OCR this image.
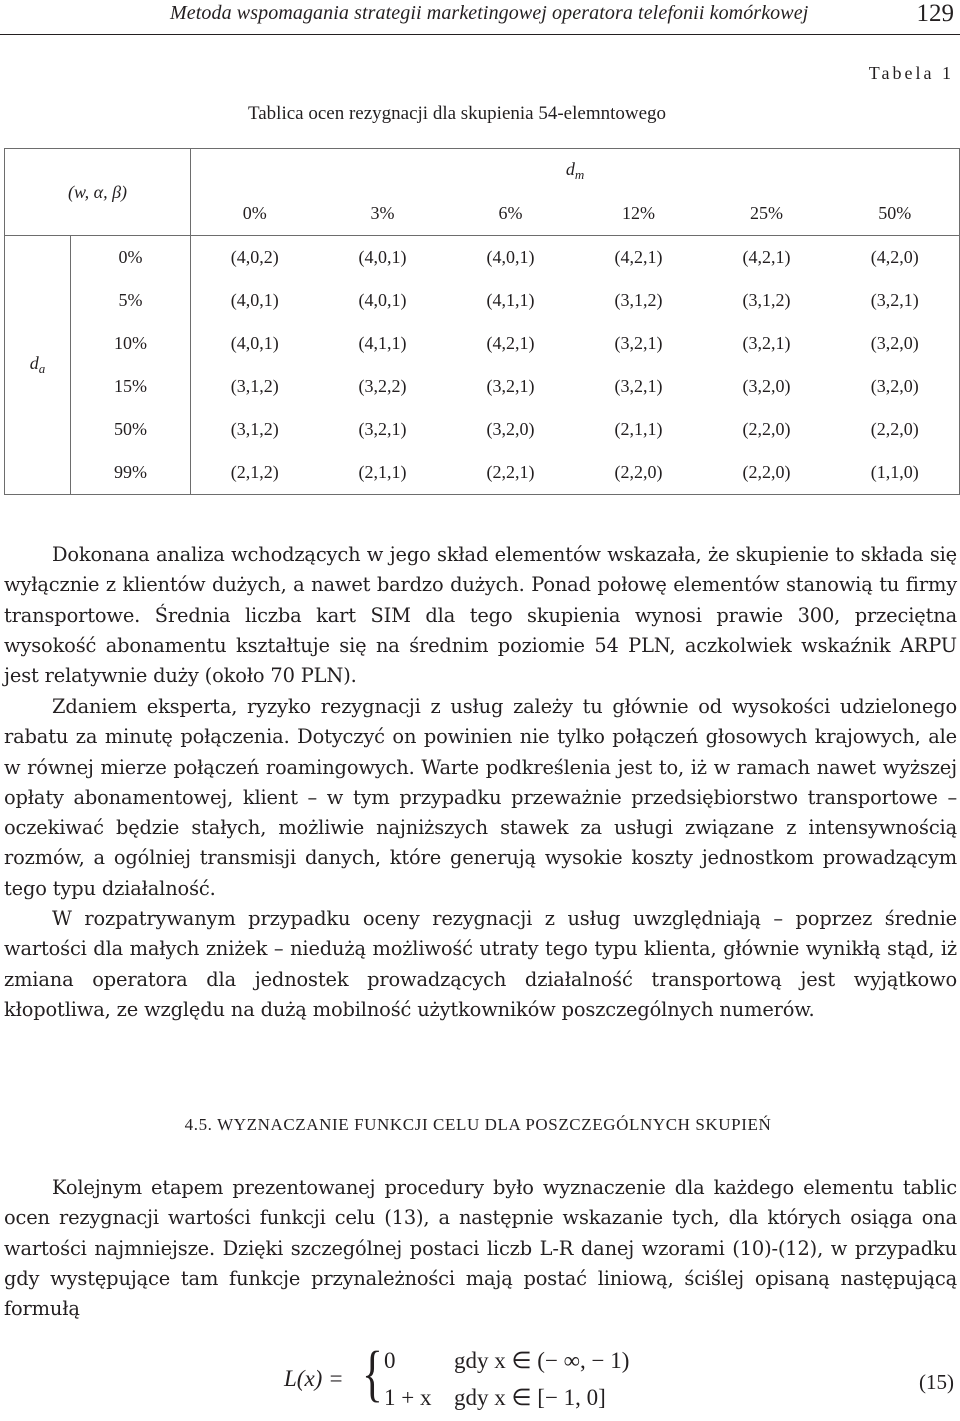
Metoda wspomagania strategii marketingowej operatora telefonii komórkowej	129
Tabela 1
Tablica ocen rezygnacji dla skupienia 54-elemntowego
(w, α, β)		$d_m$
		0%	3%	6%	12%	25%	50%
$d_a$	0%	(4,0,2)	(4,0,1)	(4,0,1)	(4,2,1)	(4,2,1)	(4,2,0)
	5%	(4,0,1)	(4,0,1)	(4,1,1)	(3,1,2)	(3,1,2)	(3,2,1)
	10%	(4,0,1)	(4,1,1)	(4,2,1)	(3,2,1)	(3,2,1)	(3,2,0)
	15%	(3,1,2)	(3,2,2)	(3,2,1)	(3,2,1)	(3,2,0)	(3,2,0)
	50%	(3,1,2)	(3,2,1)	(3,2,0)	(2,1,1)	(2,2,0)	(2,2,0)
	99%	(2,1,2)	(2,1,1)	(2,2,1)	(2,2,0)	(2,2,0)	(1,1,0)

Dokonana analiza wchodzących w jego skład elementów wskazała, że skupienie to składa się wyłącznie z klientów dużych, a nawet bardzo dużych. Ponad połowę elementów stanowią tu firmy transportowe. Średnia liczba kart SIM dla tego skupienia wynosi prawie 300, przeciętna wysokość abonamentu kształtuje się na średnim poziomie 54 PLN, aczkolwiek wskaźnik ARPU jest relatywnie duży (około 70 PLN).

Zdaniem eksperta, ryzyko rezygnacji z usług zależy tu głównie od wysokości udzielonego rabatu za minutę połączenia. Dotyczyć on powinien nie tylko połączeń głosowych krajowych, ale w równej mierze połączeń roamingowych. Warte podkreślenia jest to, iż w ramach nawet wyższej opłaty abonamentowej, klient – w tym przypadku przeważnie przedsiębiorstwo transportowe – oczekiwać będzie stałych, możliwie najniższych stawek za usługi związane z intensywnością rozmów, a ogólniej transmisji danych, które generują wysokie koszty jednostkom prowadzącym tego typu działalność.

W rozpatrywanym przypadku oceny rezygnacji z usług uwzględniają – poprzez średnie wartości dla małych zniżek – niedużą możliwość utraty tego typu klienta, głównie wynikłą stąd, iż zmiana operatora dla jednostek prowadzących działalność transportową jest wyjątkowo kłopotliwa, ze względu na dużą mobilność użytkowników poszczególnych numerów.

4.5. WYZNACZANIE FUNKCJI CELU DLA POSZCZEGÓLNYCH SKUPIEŃ

Kolejnym etapem prezentowanej procedury było wyznaczenie dla każdego elementu tablic ocen rezygnacji wartości funkcji celu (13), a następnie wskazanie tych, dla których osiąga ona wartości najmniejsze. Dzięki szczególnej postaci liczb L-R danej wzorami (10)-(12), w przypadku gdy występujące tam funkcje przynależności mają postać liniową, ściślej opisaną następującą formułą

L(x) = { 0	gdy x ∈ (− ∞, − 1)
1 + x gdy x ∈ [− 1, 0]
(15)
